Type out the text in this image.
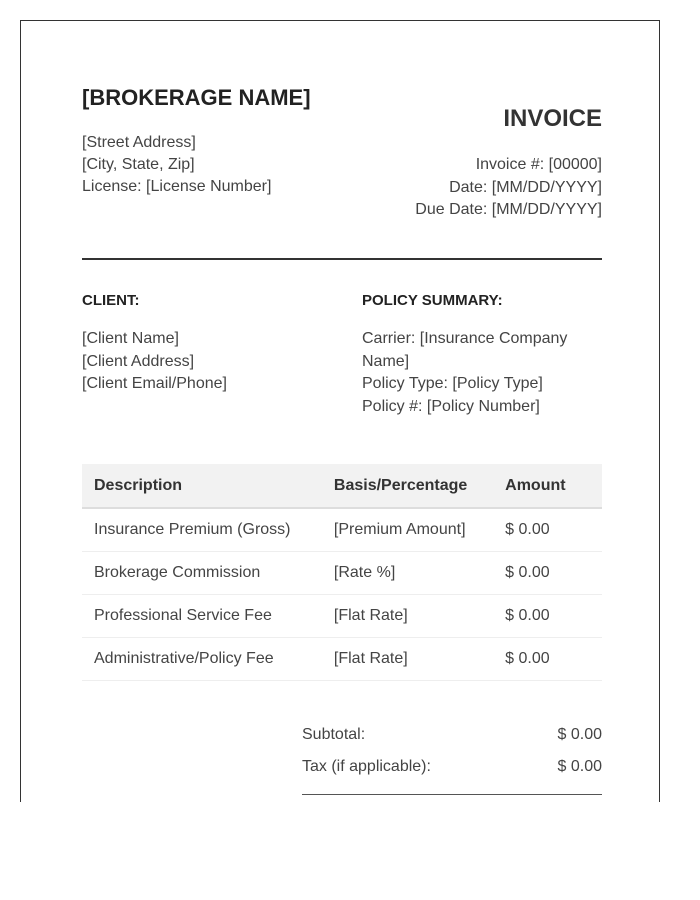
[BROKERAGE NAME]
[Street Address]
[City, State, Zip]
License: [License Number]
INVOICE
Invoice #: [00000]
Date: [MM/DD/YYYY]
Due Date: [MM/DD/YYYY]
CLIENT:
[Client Name]
[Client Address]
[Client Email/Phone]
POLICY SUMMARY:
Carrier: [Insurance Company Name]
Policy Type: [Policy Type]
Policy #: [Policy Number]
Description	Basis/Percentage	Amount
Insurance Premium (Gross)	[Premium Amount]	$ 0.00
Brokerage Commission	[Rate %]	$ 0.00
Professional Service Fee	[Flat Rate]	$ 0.00
Administrative/Policy Fee	[Flat Rate]	$ 0.00
Subtotal:	$ 0.00
Tax (if applicable):	$ 0.00
